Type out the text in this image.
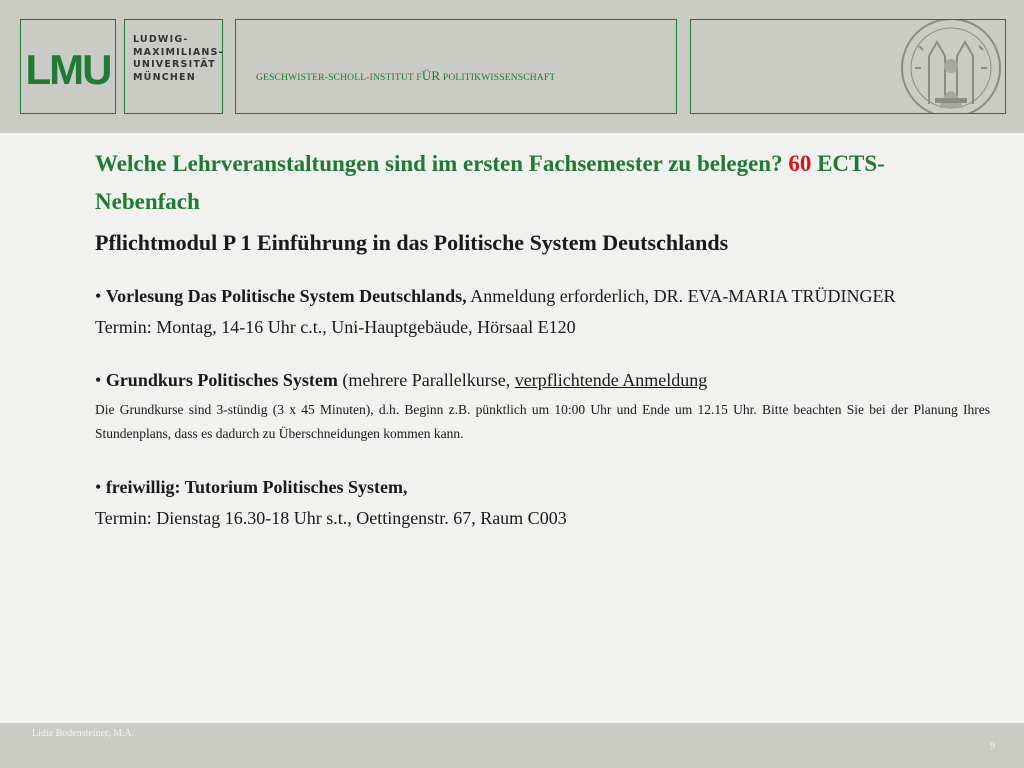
LMU
LUDWIG-
MAXIMILIANS-
UNIVERSITÄT
MÜNCHEN	GESCHWISTER-SCHOLL-INSTITUT FÜR POLITIKWISSENSCHAFT
Welche Lehrveranstaltungen sind im ersten Fachsemester zu belegen? 60 ECTS-
Nebenfach
Pflichtmodul P 1 Einführung in das Politische System Deutschlands
• Vorlesung Das Politische System Deutschlands, Anmeldung erforderlich, DR. EVA-MARIA TRÜDINGER
Termin: Montag, 14-16 Uhr c.t., Uni-Hauptgebäude, Hörsaal E120
• Grundkurs Politisches System (mehrere Parallelkurse, verpflichtende Anmeldung
Die Grundkurse sind 3-stündig (3 x 45 Minuten), d.h. Beginn z.B. pünktlich um 10:00 Uhr und Ende um 12.15 Uhr. Bitte beachten Sie bei der Planung Ihres Stundenplans, dass es dadurch zu Überschneidungen kommen kann.
• freiwillig: Tutorium Politisches System,
Termin: Dienstag 16.30-18 Uhr s.t., Oettingenstr. 67, Raum C003
Lidia Bodensteiner, M.A.
9
